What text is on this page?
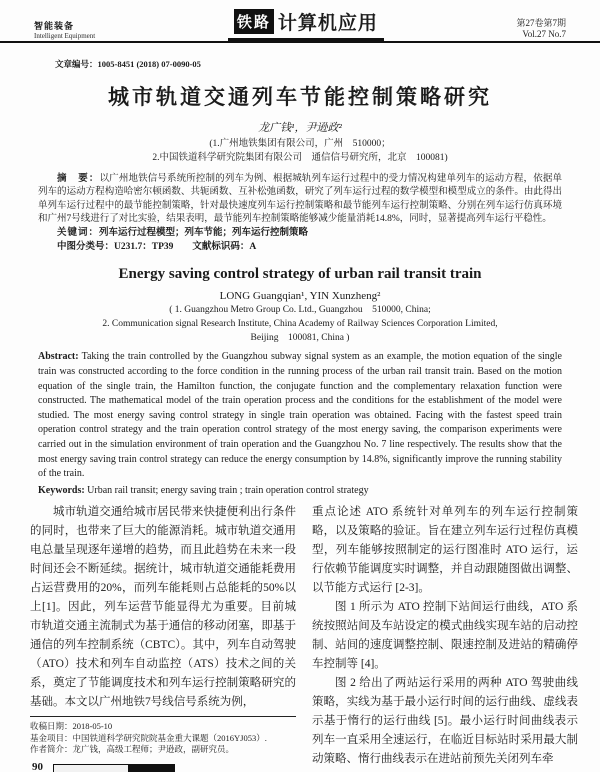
智能装备
Intelligent Equipment
铁路 计算机应用	第27卷第7期
Vol.27 No.7
文章编号：1005-8451 (2018) 07-0090-05
城市轨道交通列车节能控制策略研究
龙广钱¹，尹逊政²
(1.广州地铁集团有限公司，广州　510000；
2.中国铁道科学研究院集团有限公司　通信信号研究所，北京　100081)

摘　要：以广州地铁信号系统所控制的列车为例、根据城轨列车运行过程中的受力情况构建单列车的运动方程，依据单列车的运动方程构造哈密尔顿函数、共轭函数、互补松弛函数，研究了列车运行过程的数学模型和模型成立的条件。由此得出单列车运行过程中的最节能控制策略，针对最快速度列车运行控制策略和最节能列车运行控制策略、分别在列车运行仿真环境和广州7号线进行了对比实验，结果表明，最节能列车控制策略能够减少能量消耗14.8%，同时，显著提高列车运行平稳性。

关键词：列车运行过程模型；列车节能；列车运行控制策略

中图分类号：U231.7：TP39 文献标识码：A

Energy saving control strategy of urban rail transit train
LONG Guangqian¹, YIN Xunzheng²
( 1. Guangzhou Metro Group Co. Ltd., Guangzhou　510000, China;
2. Communication signal Research Institute, China Academy of Railway Sciences Corporation Limited,
Beijing　100081, China )

Abstract: Taking the train controlled by the Guangzhou subway signal system as an example, the motion equation of the single train was constructed according to the force condition in the running process of the urban rail transit train. Based on the motion equation of the single train, the Hamilton function, the conjugate function and the complementary relaxation function were constructed. The mathematical model of the train operation process and the conditions for the establishment of the model were studied. The most energy saving control strategy in single train operation was obtained. Facing with the fastest speed train operation control strategy and the train operation control strategy of the most energy saving, the comparison experiments were carried out in the simulation environment of train operation and the Guangzhou No. 7 line respectively. The results show that the most energy saving train control strategy can reduce the energy consumption by 14.8%, significantly improve the running stability of the train.

Keywords: Urban rail transit; energy saving train ; train operation control strategy

城市轨道交通给城市居民带来快捷便利出行条件的同时，也带来了巨大的能源消耗。城市轨道交通用电总量呈现逐年递增的趋势，而且此趋势在未来一段时间还会不断延续。据统计，城市轨道交通能耗费用占运营费用的20%，而列车能耗则占总能耗的50%以上[1]。因此，列车运营节能显得尤为重要。目前城市轨道交通主流制式为基于通信的移动闭塞，即基于通信的列车控制系统（CBTC）。其中，列车自动驾驶（ATO）技术和列车自动监控（ATS）技术之间的关系，奠定了节能调度技术和列车运行控制策略研究的基础。本文以广州地铁7号线信号系统为例，

收稿日期：2018-05-10

基金项目：中国铁道科学研究院院基金重大课题（2016YJ053）.

作者简介：龙广钱，高级工程师；尹逊政，副研究员。

90

重点论述 ATO 系统针对单列车的列车运行控制策略，以及策略的验证。旨在建立列车运行过程仿真模型，列车能够按照制定的运行图准时 ATO 运行，运行依赖节能调度实时调整，并自动跟随图做出调整、以节能方式运行 [2-3]。

图 1 所示为 ATO 控制下站间运行曲线，ATO 系统按照站间及车站设定的模式曲线实现车站的启动控制、站间的速度调整控制、限速控制及进站的精确停车控制等 [4]。

图 2 给出了两站运行采用的两种 ATO 驾驶曲线策略，实线为基于最小运行时间的运行曲线、虚线表示基于惰行的运行曲线 [5]。最小运行时间曲线表示列车一直采用全速运行，在临近目标站时采用最大制动策略、惰行曲线表示在进站前预先关闭列车牵
